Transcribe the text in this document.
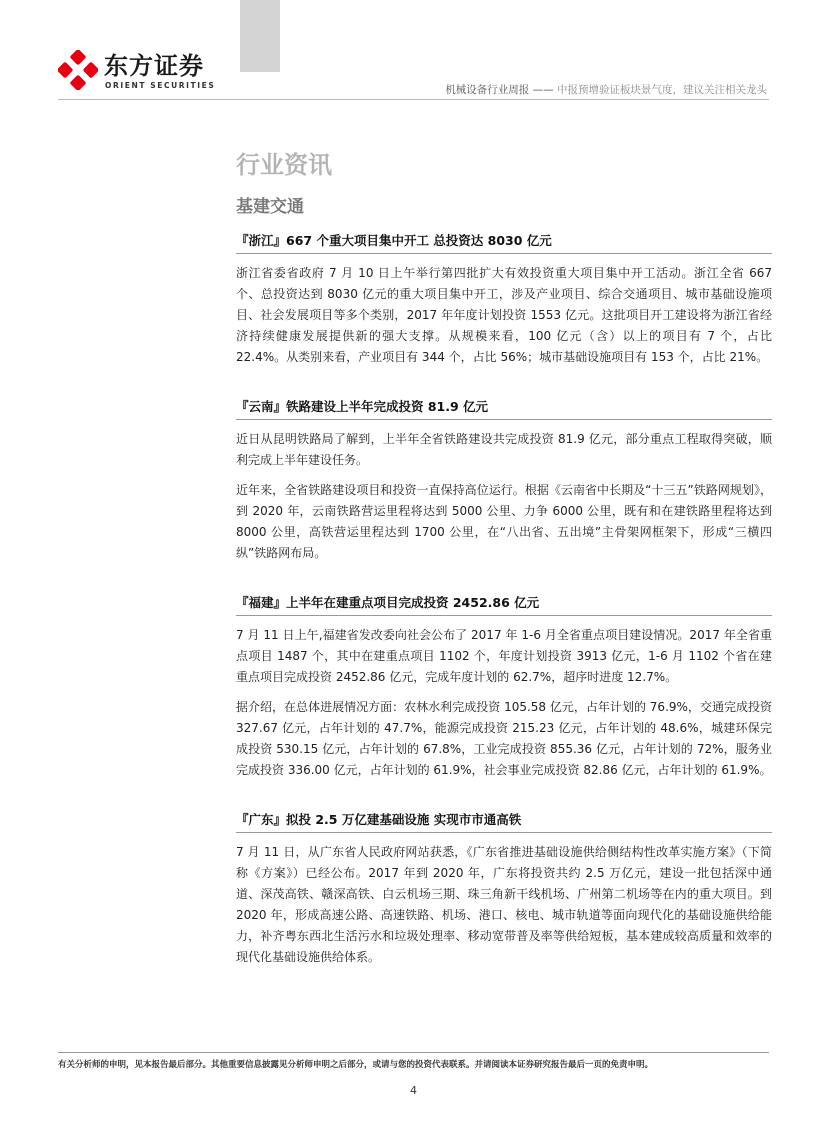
东方证券
ORIENT SECURITIES	机械设备行业周报 —— 中报预增验证板块景气度，建议关注相关龙头
行业资讯
基建交通
『浙江』667 个重大项目集中开工 总投资达 8030 亿元

浙江省委省政府 7 月 10 日上午举行第四批扩大有效投资重大项目集中开工活动。浙江全省 667 个、总投资达到 8030 亿元的重大项目集中开工，涉及产业项目、综合交通项目、城市基础设施项目、社会发展项目等多个类别，2017 年年度计划投资 1553 亿元。这批项目开工建设将为浙江省经济持续健康发展提供新的强大支撑。从规模来看，100 亿元（含）以上的项目有 7 个，占比 22.4%。从类别来看，产业项目有 344 个，占比 56%；城市基础设施项目有 153 个，占比 21%。

『云南』铁路建设上半年完成投资 81.9 亿元

近日从昆明铁路局了解到，上半年全省铁路建设共完成投资 81.9 亿元，部分重点工程取得突破，顺利完成上半年建设任务。

近年来，全省铁路建设项目和投资一直保持高位运行。根据《云南省中长期及“十三五”铁路网规划》，到 2020 年，云南铁路营运里程将达到 5000 公里、力争 6000 公里，既有和在建铁路里程将达到 8000 公里，高铁营运里程达到 1700 公里，在“八出省、五出境”主骨架网框架下，形成“三横四纵”铁路网布局。

『福建』上半年在建重点项目完成投资 2452.86 亿元

7 月 11 日上午,福建省发改委向社会公布了 2017 年 1-6 月全省重点项目建设情况。2017 年全省重点项目 1487 个，其中在建重点项目 1102 个，年度计划投资 3913 亿元，1-6 月 1102 个省在建重点项目完成投资 2452.86 亿元，完成年度计划的 62.7%，超序时进度 12.7%。

据介绍，在总体进展情况方面：农林水利完成投资 105.58 亿元，占年计划的 76.9%，交通完成投资 327.67 亿元，占年计划的 47.7%，能源完成投资 215.23 亿元，占年计划的 48.6%，城建环保完成投资 530.15 亿元，占年计划的 67.8%，工业完成投资 855.36 亿元，占年计划的 72%，服务业完成投资 336.00 亿元，占年计划的 61.9%，社会事业完成投资 82.86 亿元，占年计划的 61.9%。

『广东』拟投 2.5 万亿建基础设施 实现市市通高铁

7 月 11 日，从广东省人民政府网站获悉，《广东省推进基础设施供给侧结构性改革实施方案》（下简称《方案》）已经公布。2017 年到 2020 年，广东将投资共约 2.5 万亿元，建设一批包括深中通道、深茂高铁、赣深高铁、白云机场三期、珠三角新干线机场、广州第二机场等在内的重大项目。到 2020 年，形成高速公路、高速铁路、机场、港口、核电、城市轨道等面向现代化的基础设施供给能力，补齐粤东西北生活污水和垃圾处理率、移动宽带普及率等供给短板，基本建成较高质量和效率的现代化基础设施供给体系。

有关分析师的申明，见本报告最后部分。其他重要信息披露见分析师申明之后部分，或请与您的投资代表联系。并请阅读本证券研究报告最后一页的免责申明。
4
